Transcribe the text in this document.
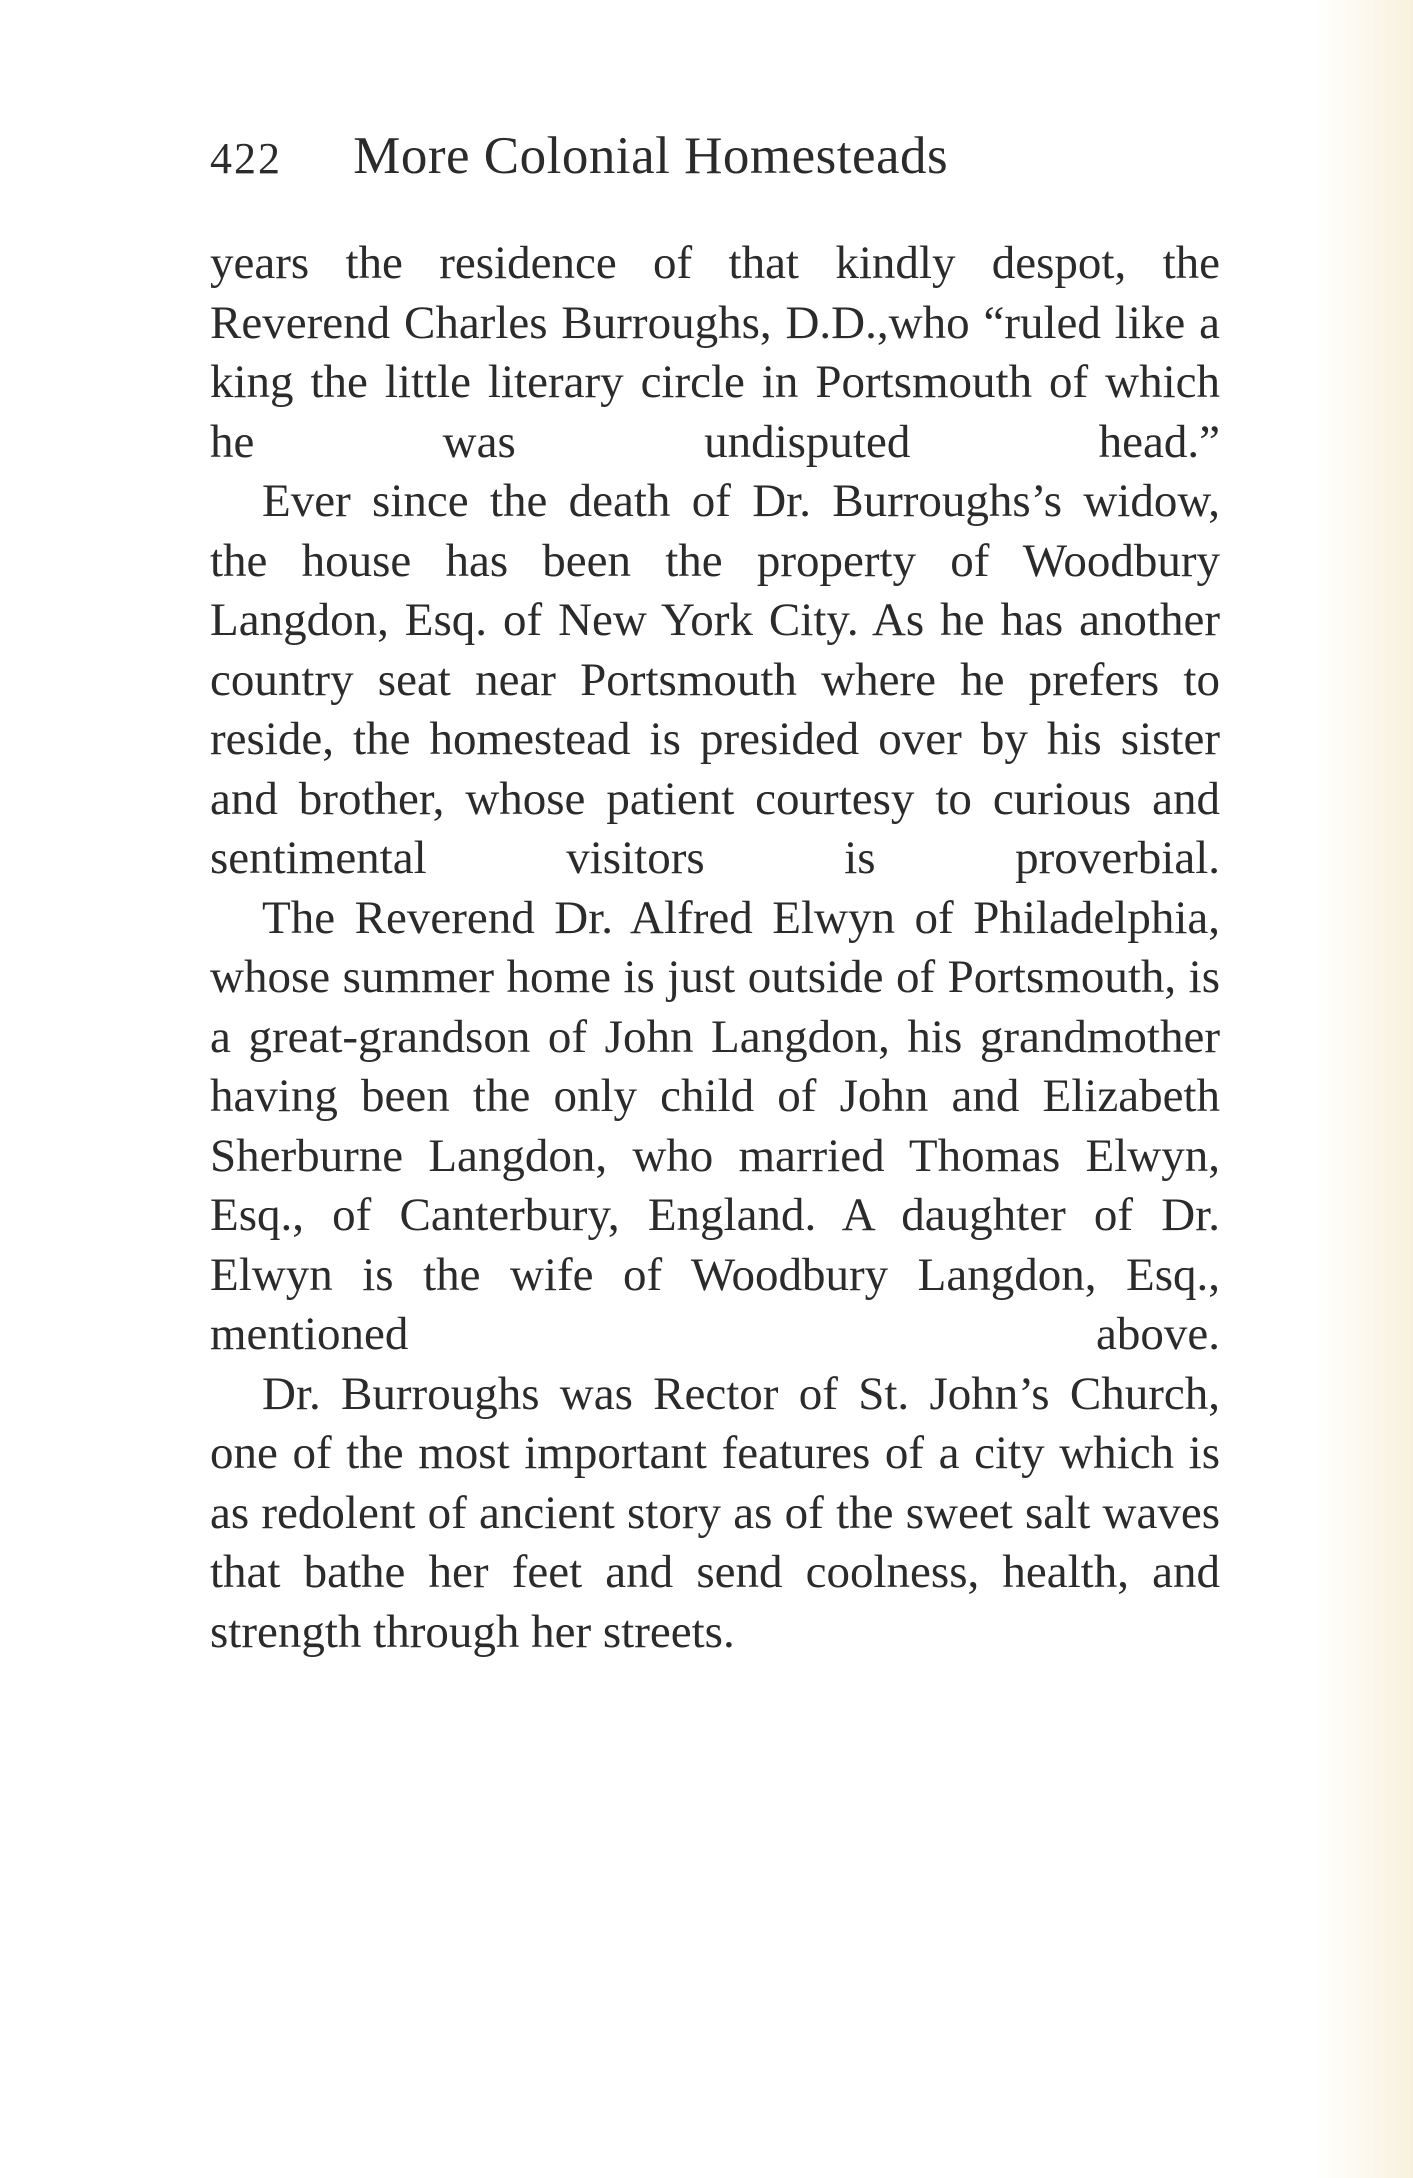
422 More Colonial Homesteads

years the residence of that kindly despot, the Reverend Charles Burroughs, D.D.,who “ruled like a king the little literary circle in Portsmouth of which he was undisputed head.”

Ever since the death of Dr. Burroughs’s widow, the house has been the property of Woodbury Langdon, Esq. of New York City. As he has another country seat near Portsmouth where he prefers to reside, the homestead is presided over by his sister and brother, whose patient courtesy to curious and sentimental visitors is proverbial.

The Reverend Dr. Alfred Elwyn of Philadelphia, whose summer home is just outside of Portsmouth, is a great-grandson of John Langdon, his grandmother having been the only child of John and Elizabeth Sherburne Langdon, who married Thomas Elwyn, Esq., of Canterbury, England. A daughter of Dr. Elwyn is the wife of Woodbury Langdon, Esq., mentioned above.

Dr. Burroughs was Rector of St. John’s Church, one of the most important features of a city which is as redolent of ancient story as of the sweet salt waves that bathe her feet and send coolness, health, and strength through her streets.
